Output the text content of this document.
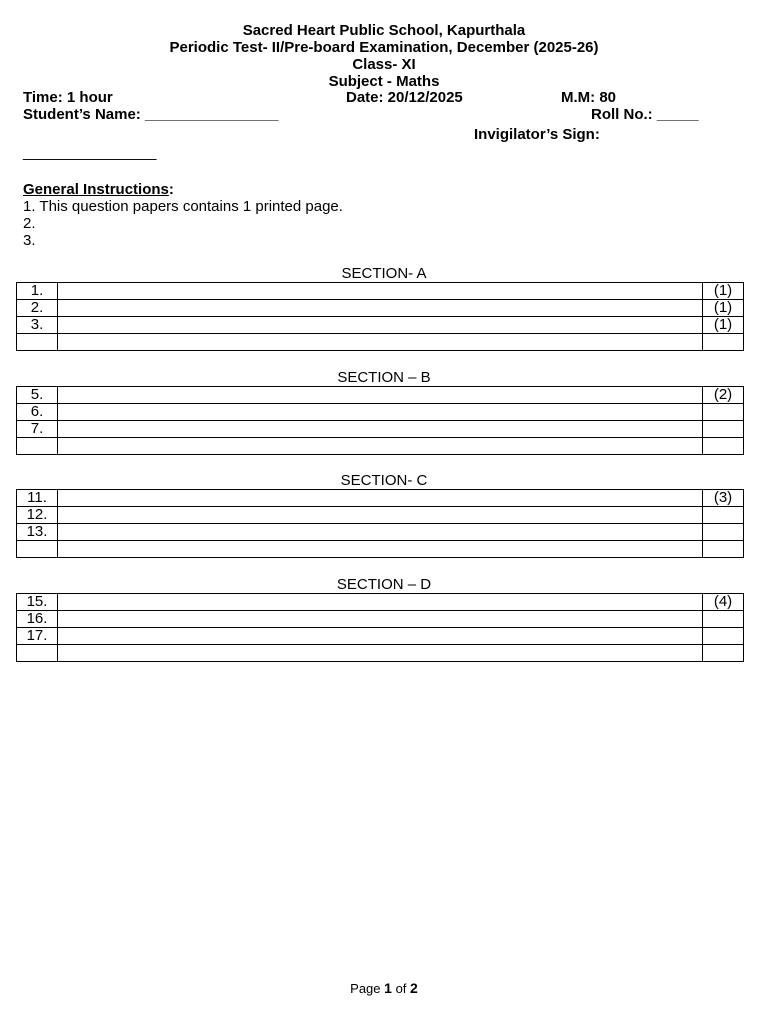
Sacred Heart Public School, Kapurthala
Periodic Test- II/Pre-board Examination, December (2025-26)
Class- XI
Subject - Maths
Time: 1 hour	Date: 20/12/2025	M.M: 80
Student’s Name: ________________	Roll No.: _____
Invigilator’s Sign:
________________
General Instructions:
1. This question papers contains 1 printed page.
2.
3.
SECTION- A
1.		(1)
2.		(1)
3.		(1)

SECTION – B
5.		(2)
6.		
7.		

SECTION- C
11.		(3)
12.		
13.		

SECTION – D
15.		(4)
16.		
17.		

Page 1 of 2
